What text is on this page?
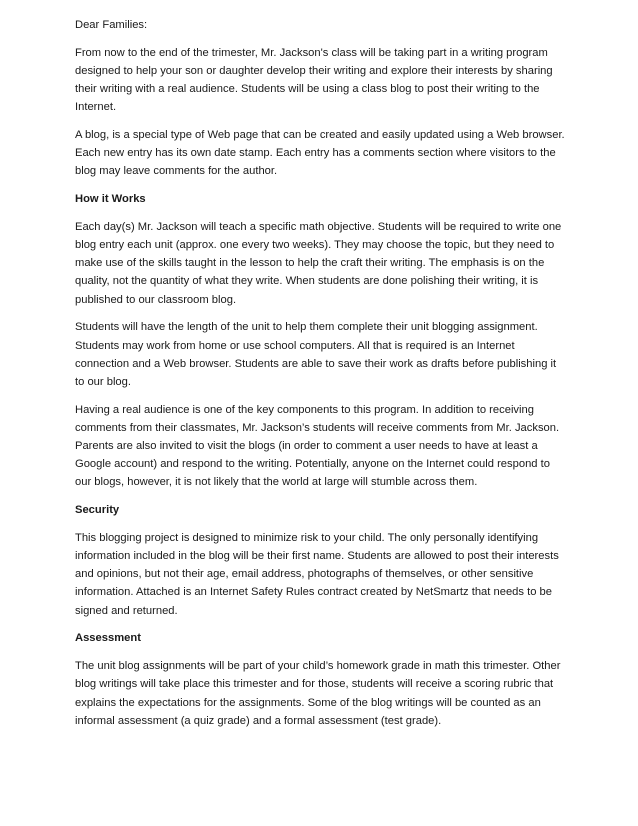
Dear Families:

From now to the end of the trimester, Mr. Jackson's class will be taking part in a writing program designed to help your son or daughter develop their writing and explore their interests by sharing their writing with a real audience. Students will be using a class blog to post their writing to the Internet.

A blog, is a special type of Web page that can be created and easily updated using a Web browser. Each new entry has its own date stamp. Each entry has a comments section where visitors to the blog may leave comments for the author.

How it Works

Each day(s) Mr. Jackson will teach a specific math objective. Students will be required to write one blog entry each unit (approx. one every two weeks). They may choose the topic, but they need to make use of the skills taught in the lesson to help the craft their writing. The emphasis is on the quality, not the quantity of what they write. When students are done polishing their writing, it is published to our classroom blog.

Students will have the length of the unit to help them complete their unit blogging assignment. Students may work from home or use school computers. All that is required is an Internet connection and a Web browser. Students are able to save their work as drafts before publishing it to our blog.

Having a real audience is one of the key components to this program. In addition to receiving comments from their classmates, Mr. Jackson’s students will receive comments from Mr. Jackson. Parents are also invited to visit the blogs (in order to comment a user needs to have at least a Google account) and respond to the writing. Potentially, anyone on the Internet could respond to our blogs, however, it is not likely that the world at large will stumble across them.

Security

This blogging project is designed to minimize risk to your child. The only personally identifying information included in the blog will be their first name. Students are allowed to post their interests and opinions, but not their age, email address, photographs of themselves, or other sensitive information. Attached is an Internet Safety Rules contract created by NetSmartz that needs to be signed and returned.

Assessment

The unit blog assignments will be part of your child’s homework grade in math this trimester. Other blog writings will take place this trimester and for those, students will receive a scoring rubric that explains the expectations for the assignments. Some of the blog writings will be counted as an informal assessment (a quiz grade) and a formal assessment (test grade).
